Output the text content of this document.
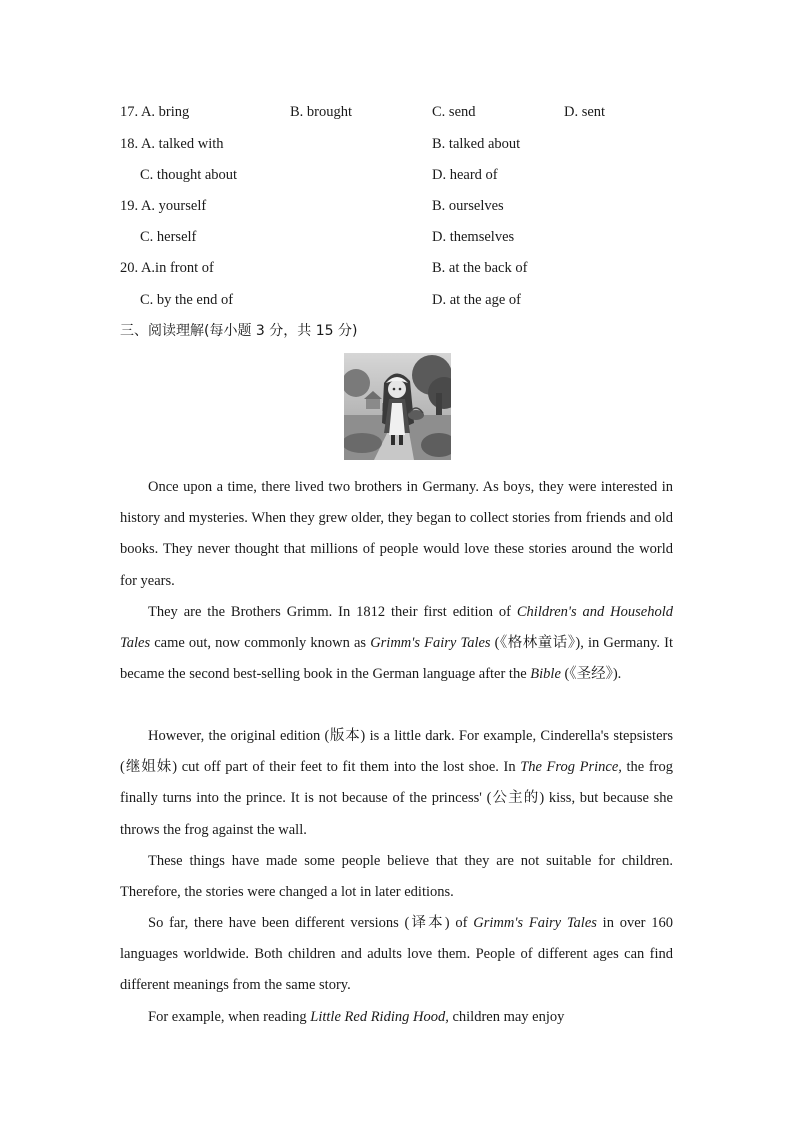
17. A. bring	B. brought	C. send	D. sent
18. A. talked with	B. talked about
C. thought about	D. heard of
19. A. yourself	B. ourselves
C. herself	D. themselves
20. A.in front of	B. at the back of
C. by the end of	D. at the age of
三、阅读理解(每小题 3 分，共 15 分)
Once upon a time, there lived two brothers in Germany. As boys, they were interested in history and mysteries. When they grew older, they began to collect stories from friends and old books. They never thought that millions of people would love these stories around the world for years.
They are the Brothers Grimm. In 1812 their first edition of Children's and Household Tales came out, now commonly known as Grimm's Fairy Tales (《格林童话》), in Germany. It became the second best-selling book in the German language after the Bible (《圣经》).
However, the original edition (版本) is a little dark. For example, Cinderella's stepsisters (继姐妹) cut off part of their feet to fit them into the lost shoe. In The Frog Prince, the frog finally turns into the prince. It is not because of the princess' (公主的) kiss, but because she throws the frog against the wall.
These things have made some people believe that they are not suitable for children. Therefore, the stories were changed a lot in later editions.
So far, there have been different versions (译本) of Grimm's Fairy Tales in over 160 languages worldwide. Both children and adults love them. People of different ages can find different meanings from the same story.
For example, when reading Little Red Riding Hood, children may enjoy
